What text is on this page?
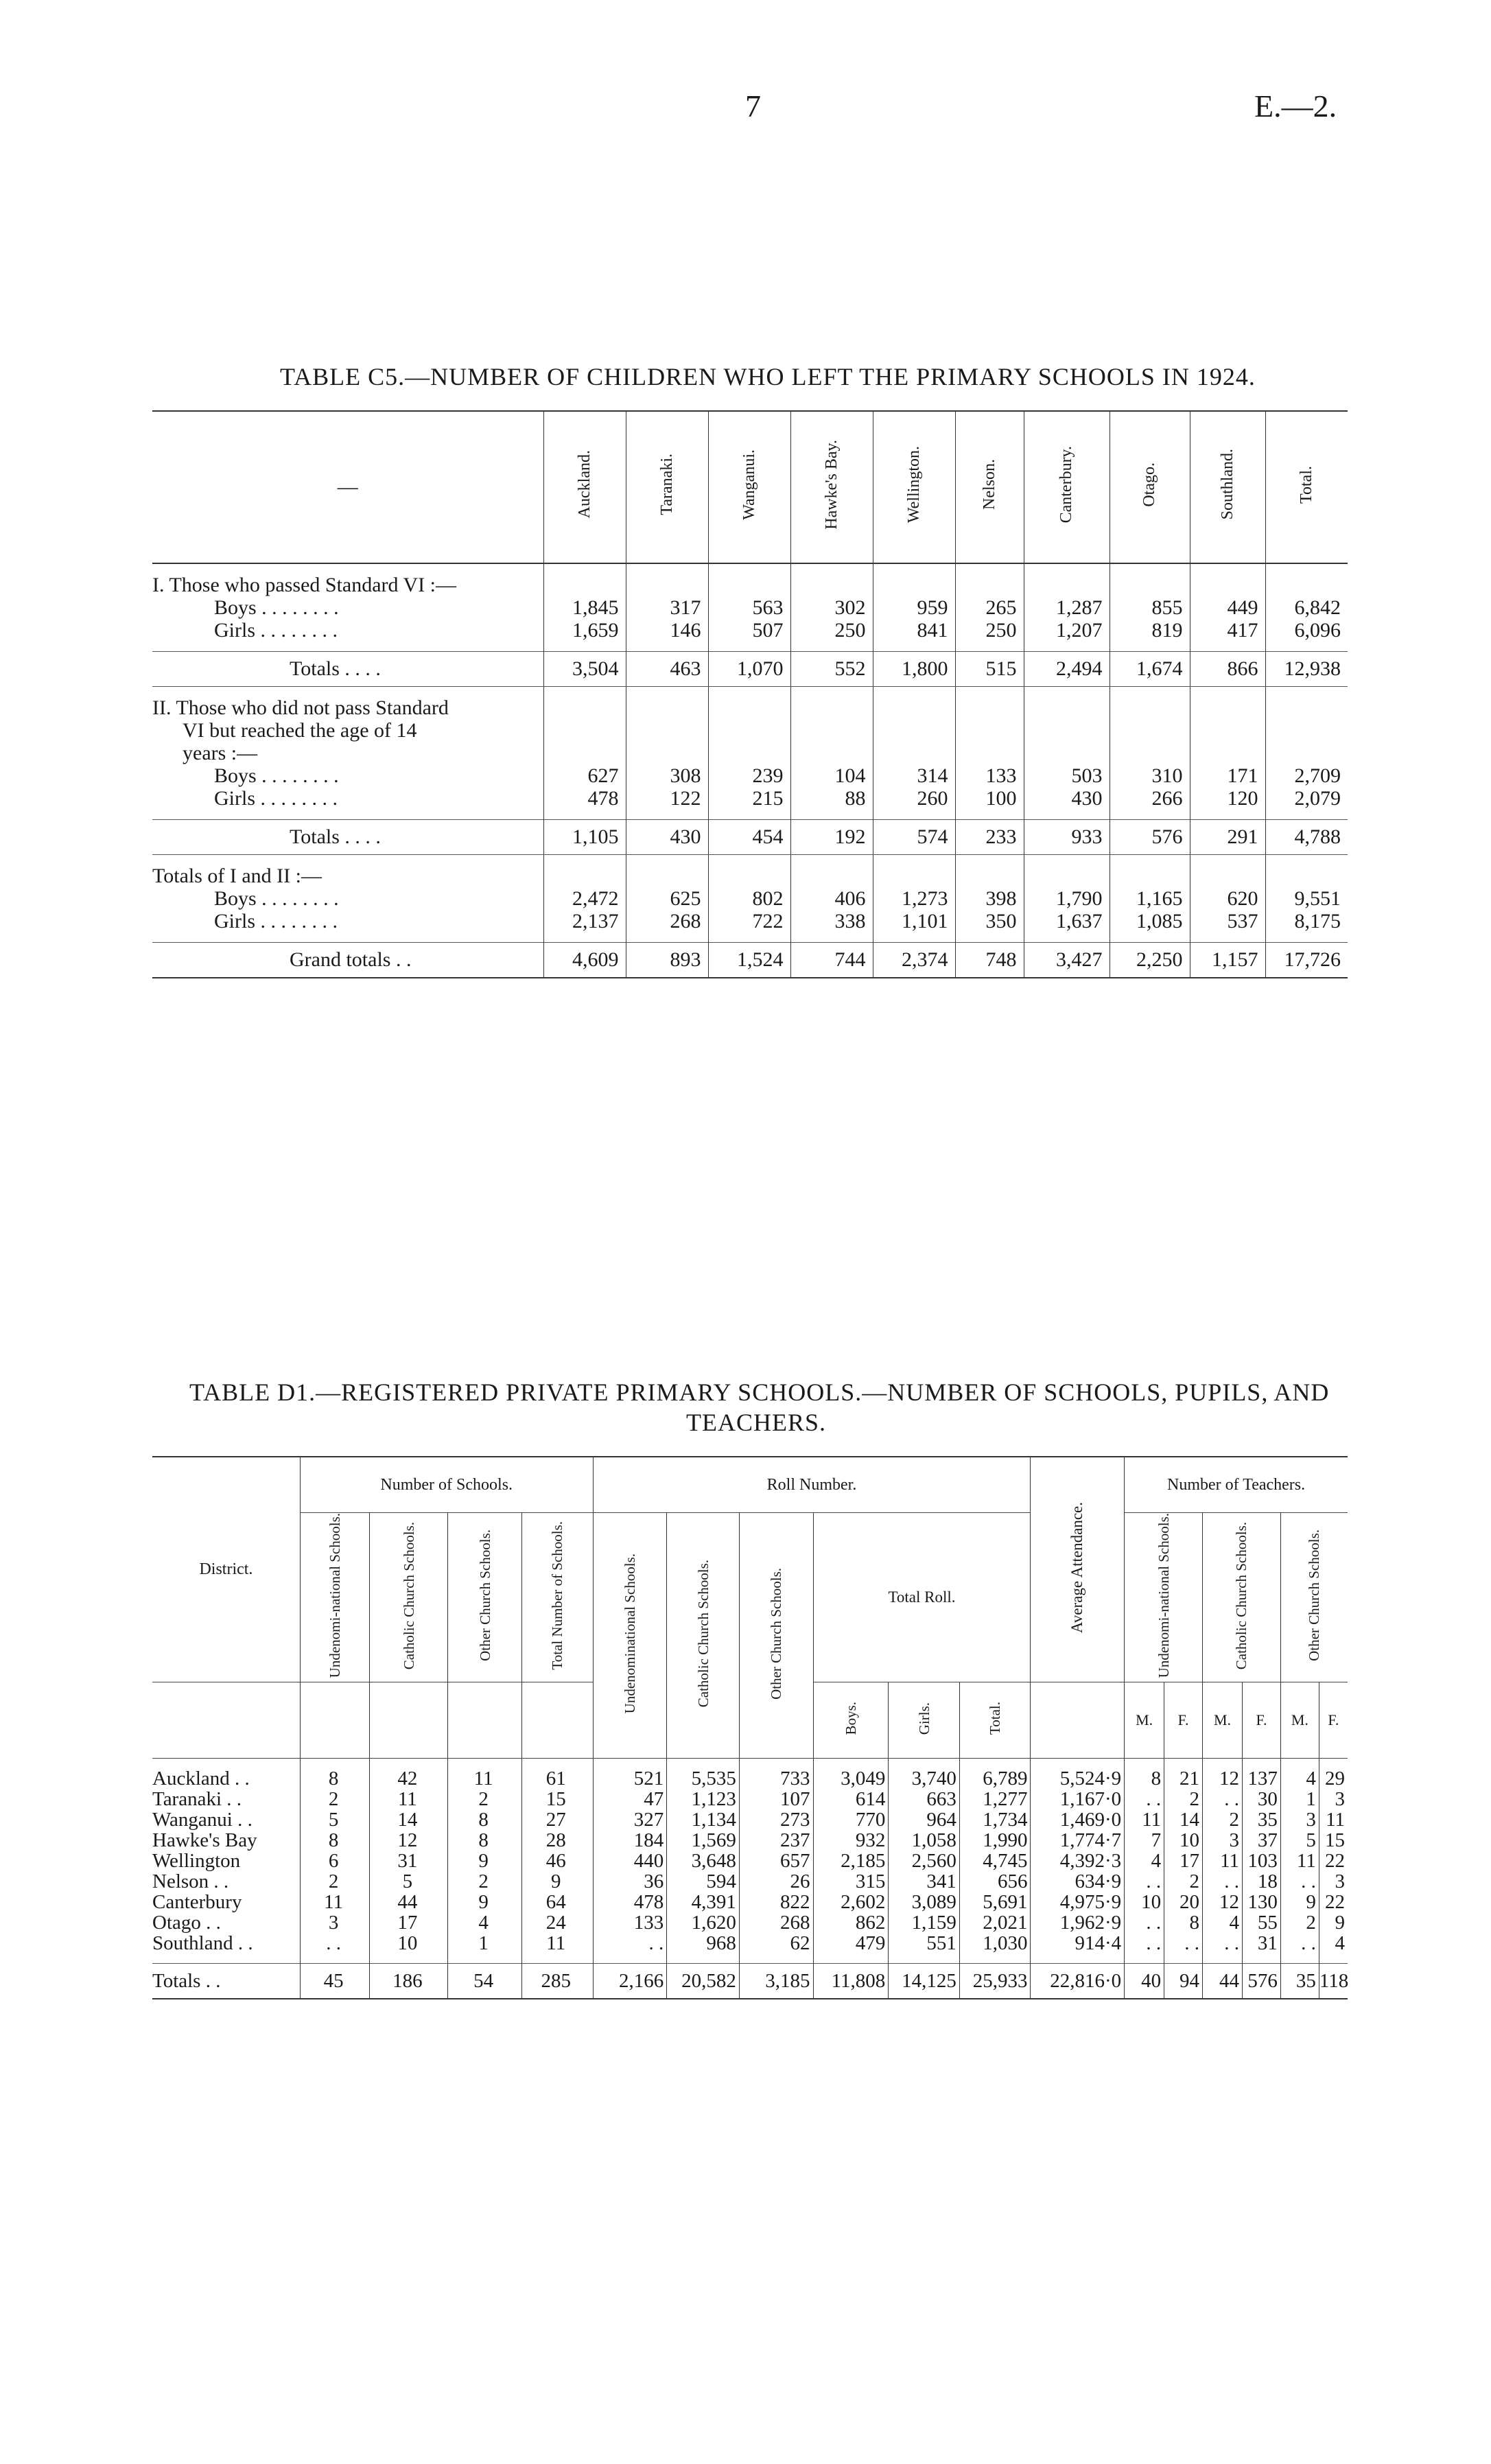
7	E.—2.
TABLE C5.—NUMBER OF CHILDREN WHO LEFT THE PRIMARY SCHOOLS IN 1924.
—	Auckland.	Taranaki.	Wanganui.	Hawke's Bay.	Wellington.	Nelson.	Canterbury.	Otago.	Southland.	Total.

I. Those who passed Standard VI :—										
Boys . . . . . . . .	1,845	317	563	302	959	265	1,287	855	449	6,842
Girls . . . . . . . .	1,659	146	507	250	841	250	1,207	819	417	6,096

Totals . . . .	3,504	463	1,070	552	1,800	515	2,494	1,674	866	12,938

II. Those who did not pass Standard										
VI but reached the age of 14										
years :—										
Boys . . . . . . . .	627	308	239	104	314	133	503	310	171	2,709
Girls . . . . . . . .	478	122	215	88	260	100	430	266	120	2,079

Totals . . . .	1,105	430	454	192	574	233	933	576	291	4,788

Totals of I and II :—										
Boys . . . . . . . .	2,472	625	802	406	1,273	398	1,790	1,165	620	9,551
Girls . . . . . . . .	2,137	268	722	338	1,101	350	1,637	1,085	537	8,175

Grand totals . .	4,609	893	1,524	744	2,374	748	3,427	2,250	1,157	17,726
TABLE D1.—REGISTERED PRIVATE PRIMARY SCHOOLS.—NUMBER OF SCHOOLS, PUPILS, AND
TEACHERS.
District.	Number of Schools.				Roll Number.						Average Attendance.	Number of Teachers.					
	Undenomi-national Schools.	Catholic Church Schools.	Other Church Schools.	Total Number of Schools.	Undenominational Schools.	Catholic Church Schools.	Other Church Schools.	Total Roll.				Undenomi-national Schools.		Catholic Church Schools.		Other Church Schools.	
								Boys.	Girls.	Total.		M.	F.	M.	F.	M.	F.

Auckland . .	8	42	11	61	521	5,535	733	3,049	3,740	6,789	5,524·9	8	21	12	137	4	29
Taranaki . .	2	11	2	15	47	1,123	107	614	663	1,277	1,167·0	. .	2	. .	30	1	3
Wanganui . .	5	14	8	27	327	1,134	273	770	964	1,734	1,469·0	11	14	2	35	3	11
Hawke's Bay	8	12	8	28	184	1,569	237	932	1,058	1,990	1,774·7	7	10	3	37	5	15
Wellington	6	31	9	46	440	3,648	657	2,185	2,560	4,745	4,392·3	4	17	11	103	11	22
Nelson . .	2	5	2	9	36	594	26	315	341	656	634·9	. .	2	. .	18	. .	3
Canterbury	11	44	9	64	478	4,391	822	2,602	3,089	5,691	4,975·9	10	20	12	130	9	22
Otago . .	3	17	4	24	133	1,620	268	862	1,159	2,021	1,962·9	. .	8	4	55	2	9
Southland . .	. .	10	1	11	. .	968	62	479	551	1,030	914·4	. .	. .	. .	31	. .	4

Totals . .	45	186	54	285	2,166	20,582	3,185	11,808	14,125	25,933	22,816·0	40	94	44	576	35	118
